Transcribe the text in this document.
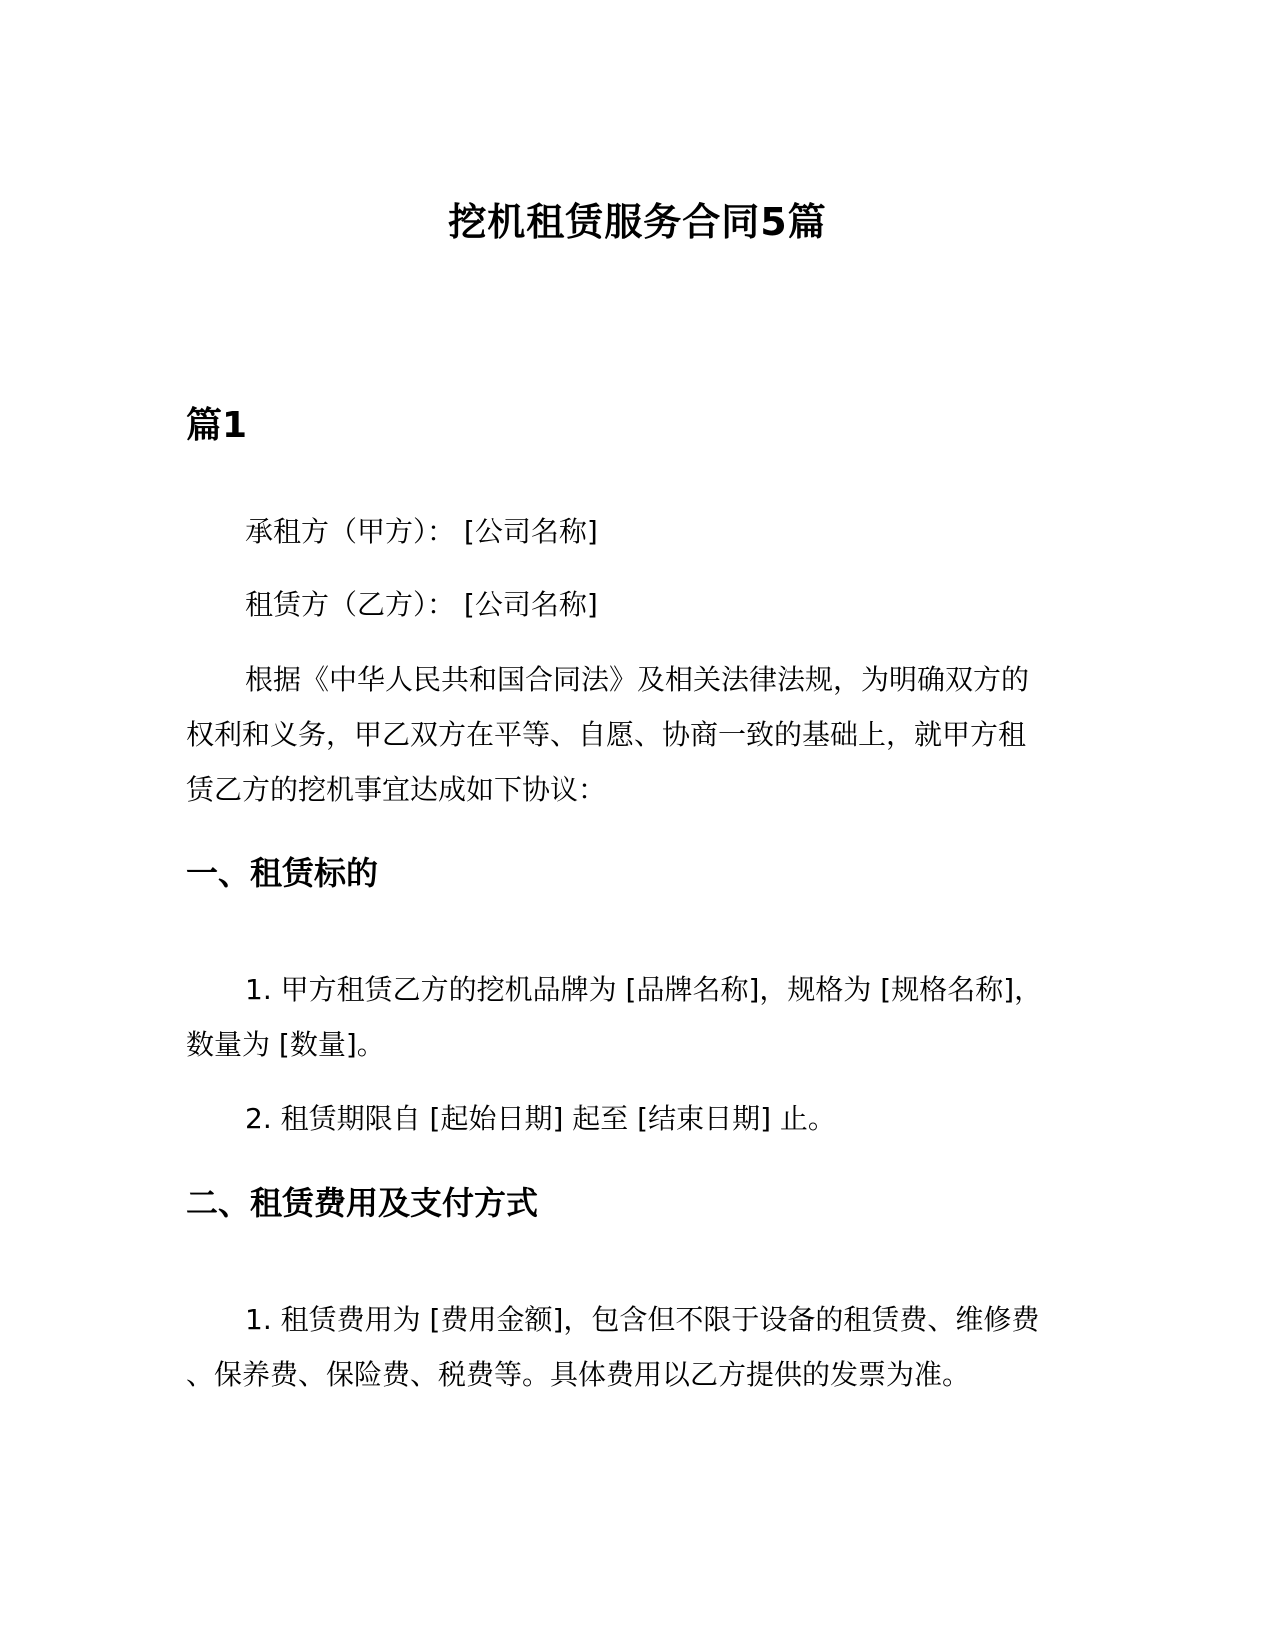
挖机租赁服务合同5篇
篇1

承租方（甲方）： [公司名称]

租赁方（乙方）： [公司名称]

根据《中华人民共和国合同法》及相关法律法规，为明确双方的

权利和义务，甲乙双方在平等、自愿、协商一致的基础上，就甲方租

赁乙方的挖机事宜达成如下协议：

一、租赁标的

1. 甲方租赁乙方的挖机品牌为 [品牌名称]，规格为 [规格名称]，

数量为 [数量]。

2. 租赁期限自 [起始日期] 起至 [结束日期] 止。

二、租赁费用及支付方式

1. 租赁费用为 [费用金额]，包含但不限于设备的租赁费、维修费

、保养费、保险费、税费等。具体费用以乙方提供的发票为准。
